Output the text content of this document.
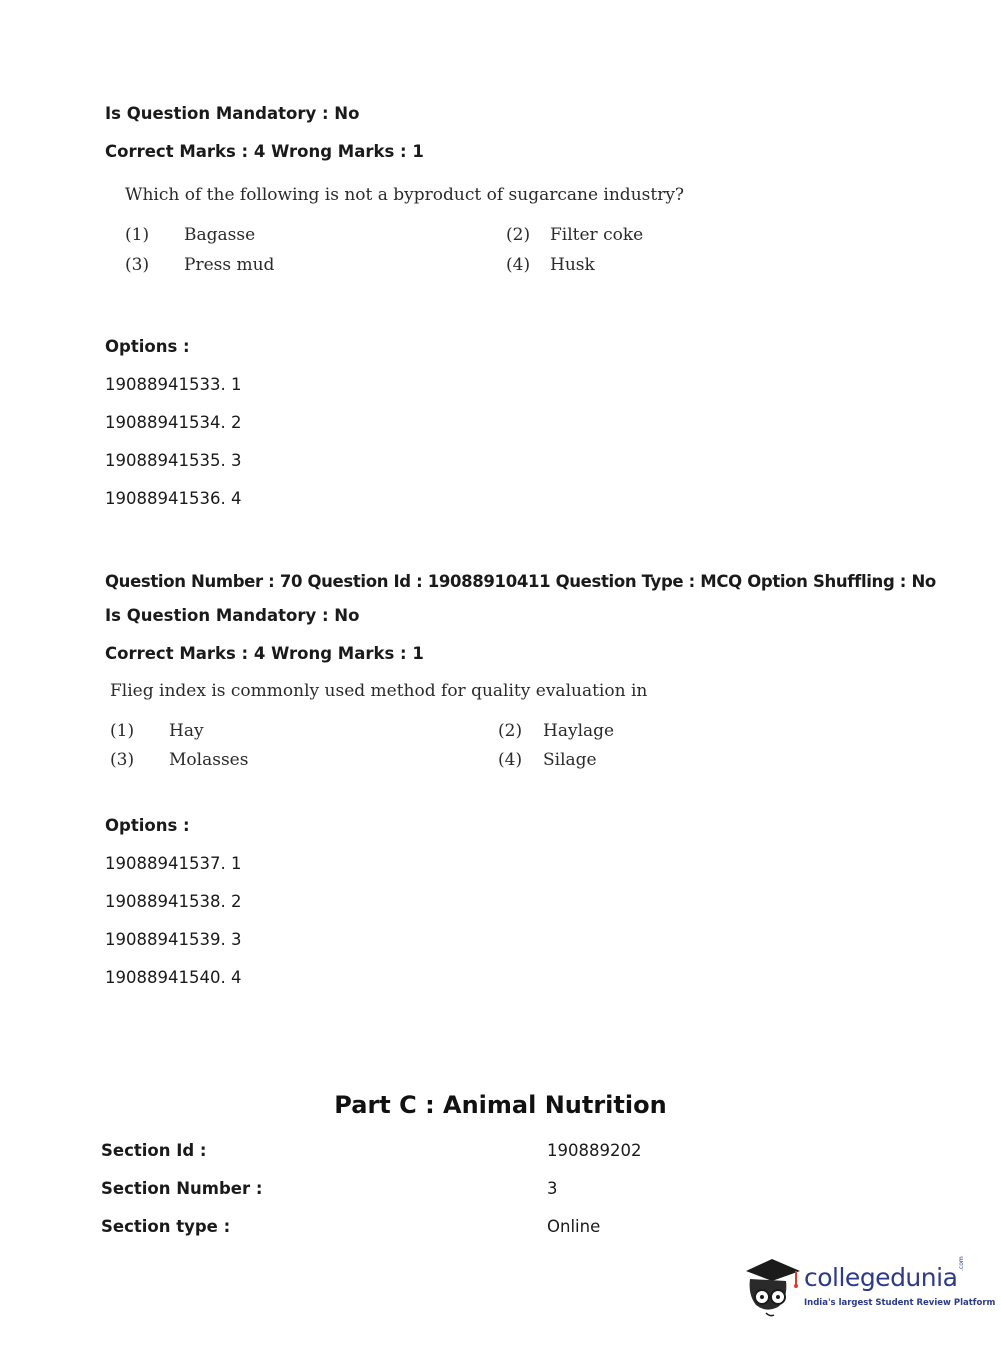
Is Question Mandatory : No
Correct Marks : 4 Wrong Marks : 1
Which of the following is not a byproduct of sugarcane industry?
(1) Bagasse	(2) Filter coke
(3) Press mud	(4) Husk
Options :
19088941533. 1
19088941534. 2
19088941535. 3
19088941536. 4
Question Number : 70 Question Id : 19088910411 Question Type : MCQ Option Shuffling : No
Is Question Mandatory : No
Correct Marks : 4 Wrong Marks : 1
Flieg index is commonly used method for quality evaluation in
(1) Hay	(2) Haylage
(3) Molasses	(4) Silage
Options :
19088941537. 1
19088941538. 2
19088941539. 3
19088941540. 4
Part C : Animal Nutrition
Section Id :	190889202
Section Number :	3
Section type :	Online
collegedunia .com
India's largest Student Review Platform
